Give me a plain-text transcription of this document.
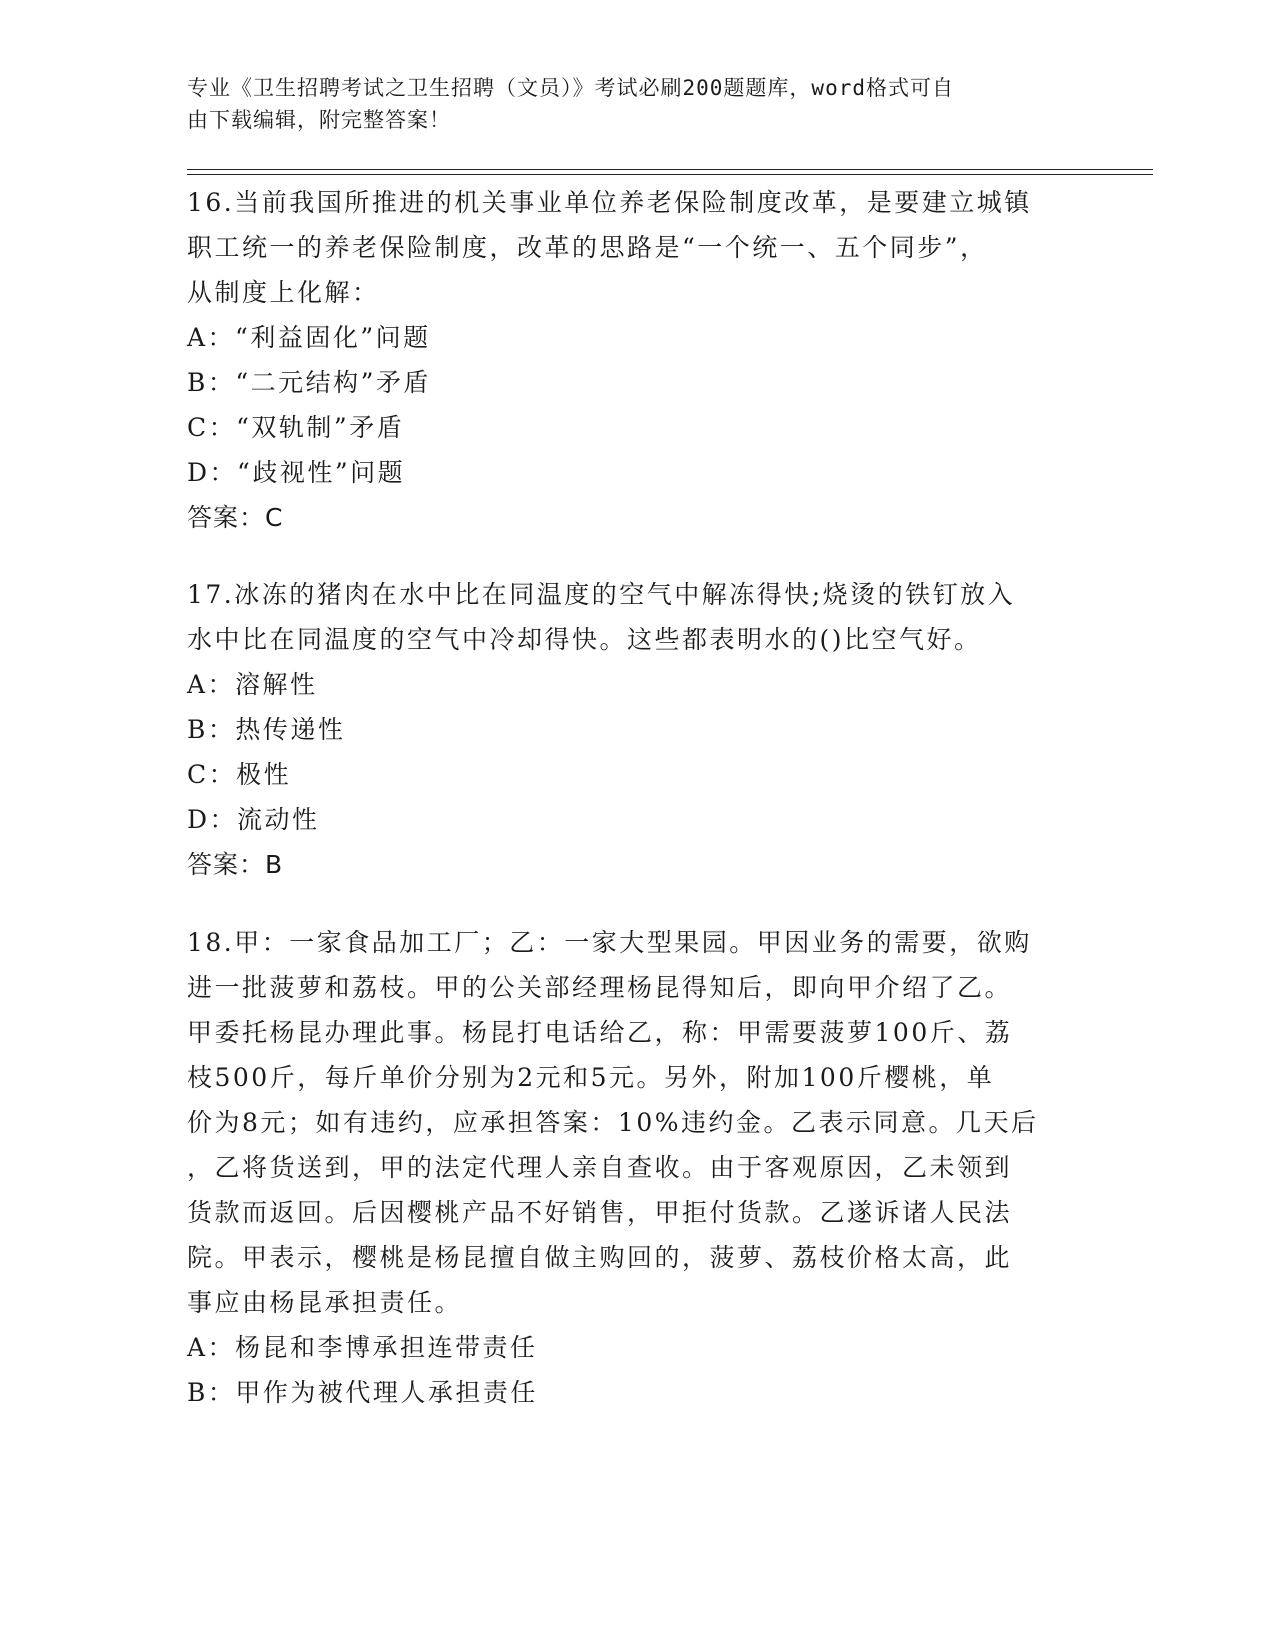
专业《卫生招聘考试之卫生招聘（文员）》考试必刷200题题库，word格式可自
由下载编辑，附完整答案！
16.当前我国所推进的机关事业单位养老保险制度改革，是要建立城镇
职工统一的养老保险制度，改革的思路是“一个统一、五个同步”，
从制度上化解：
A：“利益固化”问题
B：“二元结构”矛盾
C：“双轨制”矛盾
D：“歧视性”问题
答案：C
17.冰冻的猪肉在水中比在同温度的空气中解冻得快;烧烫的铁钉放入
水中比在同温度的空气中冷却得快。这些都表明水的()比空气好。
A：溶解性
B：热传递性
C：极性
D：流动性
答案：B
18.甲：一家食品加工厂；乙：一家大型果园。甲因业务的需要，欲购
进一批菠萝和荔枝。甲的公关部经理杨昆得知后，即向甲介绍了乙。
甲委托杨昆办理此事。杨昆打电话给乙，称：甲需要菠萝100斤、荔
枝500斤，每斤单价分别为2元和5元。另外，附加100斤樱桃，单
价为8元；如有违约，应承担答案：10%违约金。乙表示同意。几天后
，乙将货送到，甲的法定代理人亲自查收。由于客观原因，乙未领到
货款而返回。后因樱桃产品不好销售，甲拒付货款。乙遂诉诸人民法
院。甲表示，樱桃是杨昆擅自做主购回的，菠萝、荔枝价格太高，此
事应由杨昆承担责任。
A：杨昆和李博承担连带责任
B：甲作为被代理人承担责任
